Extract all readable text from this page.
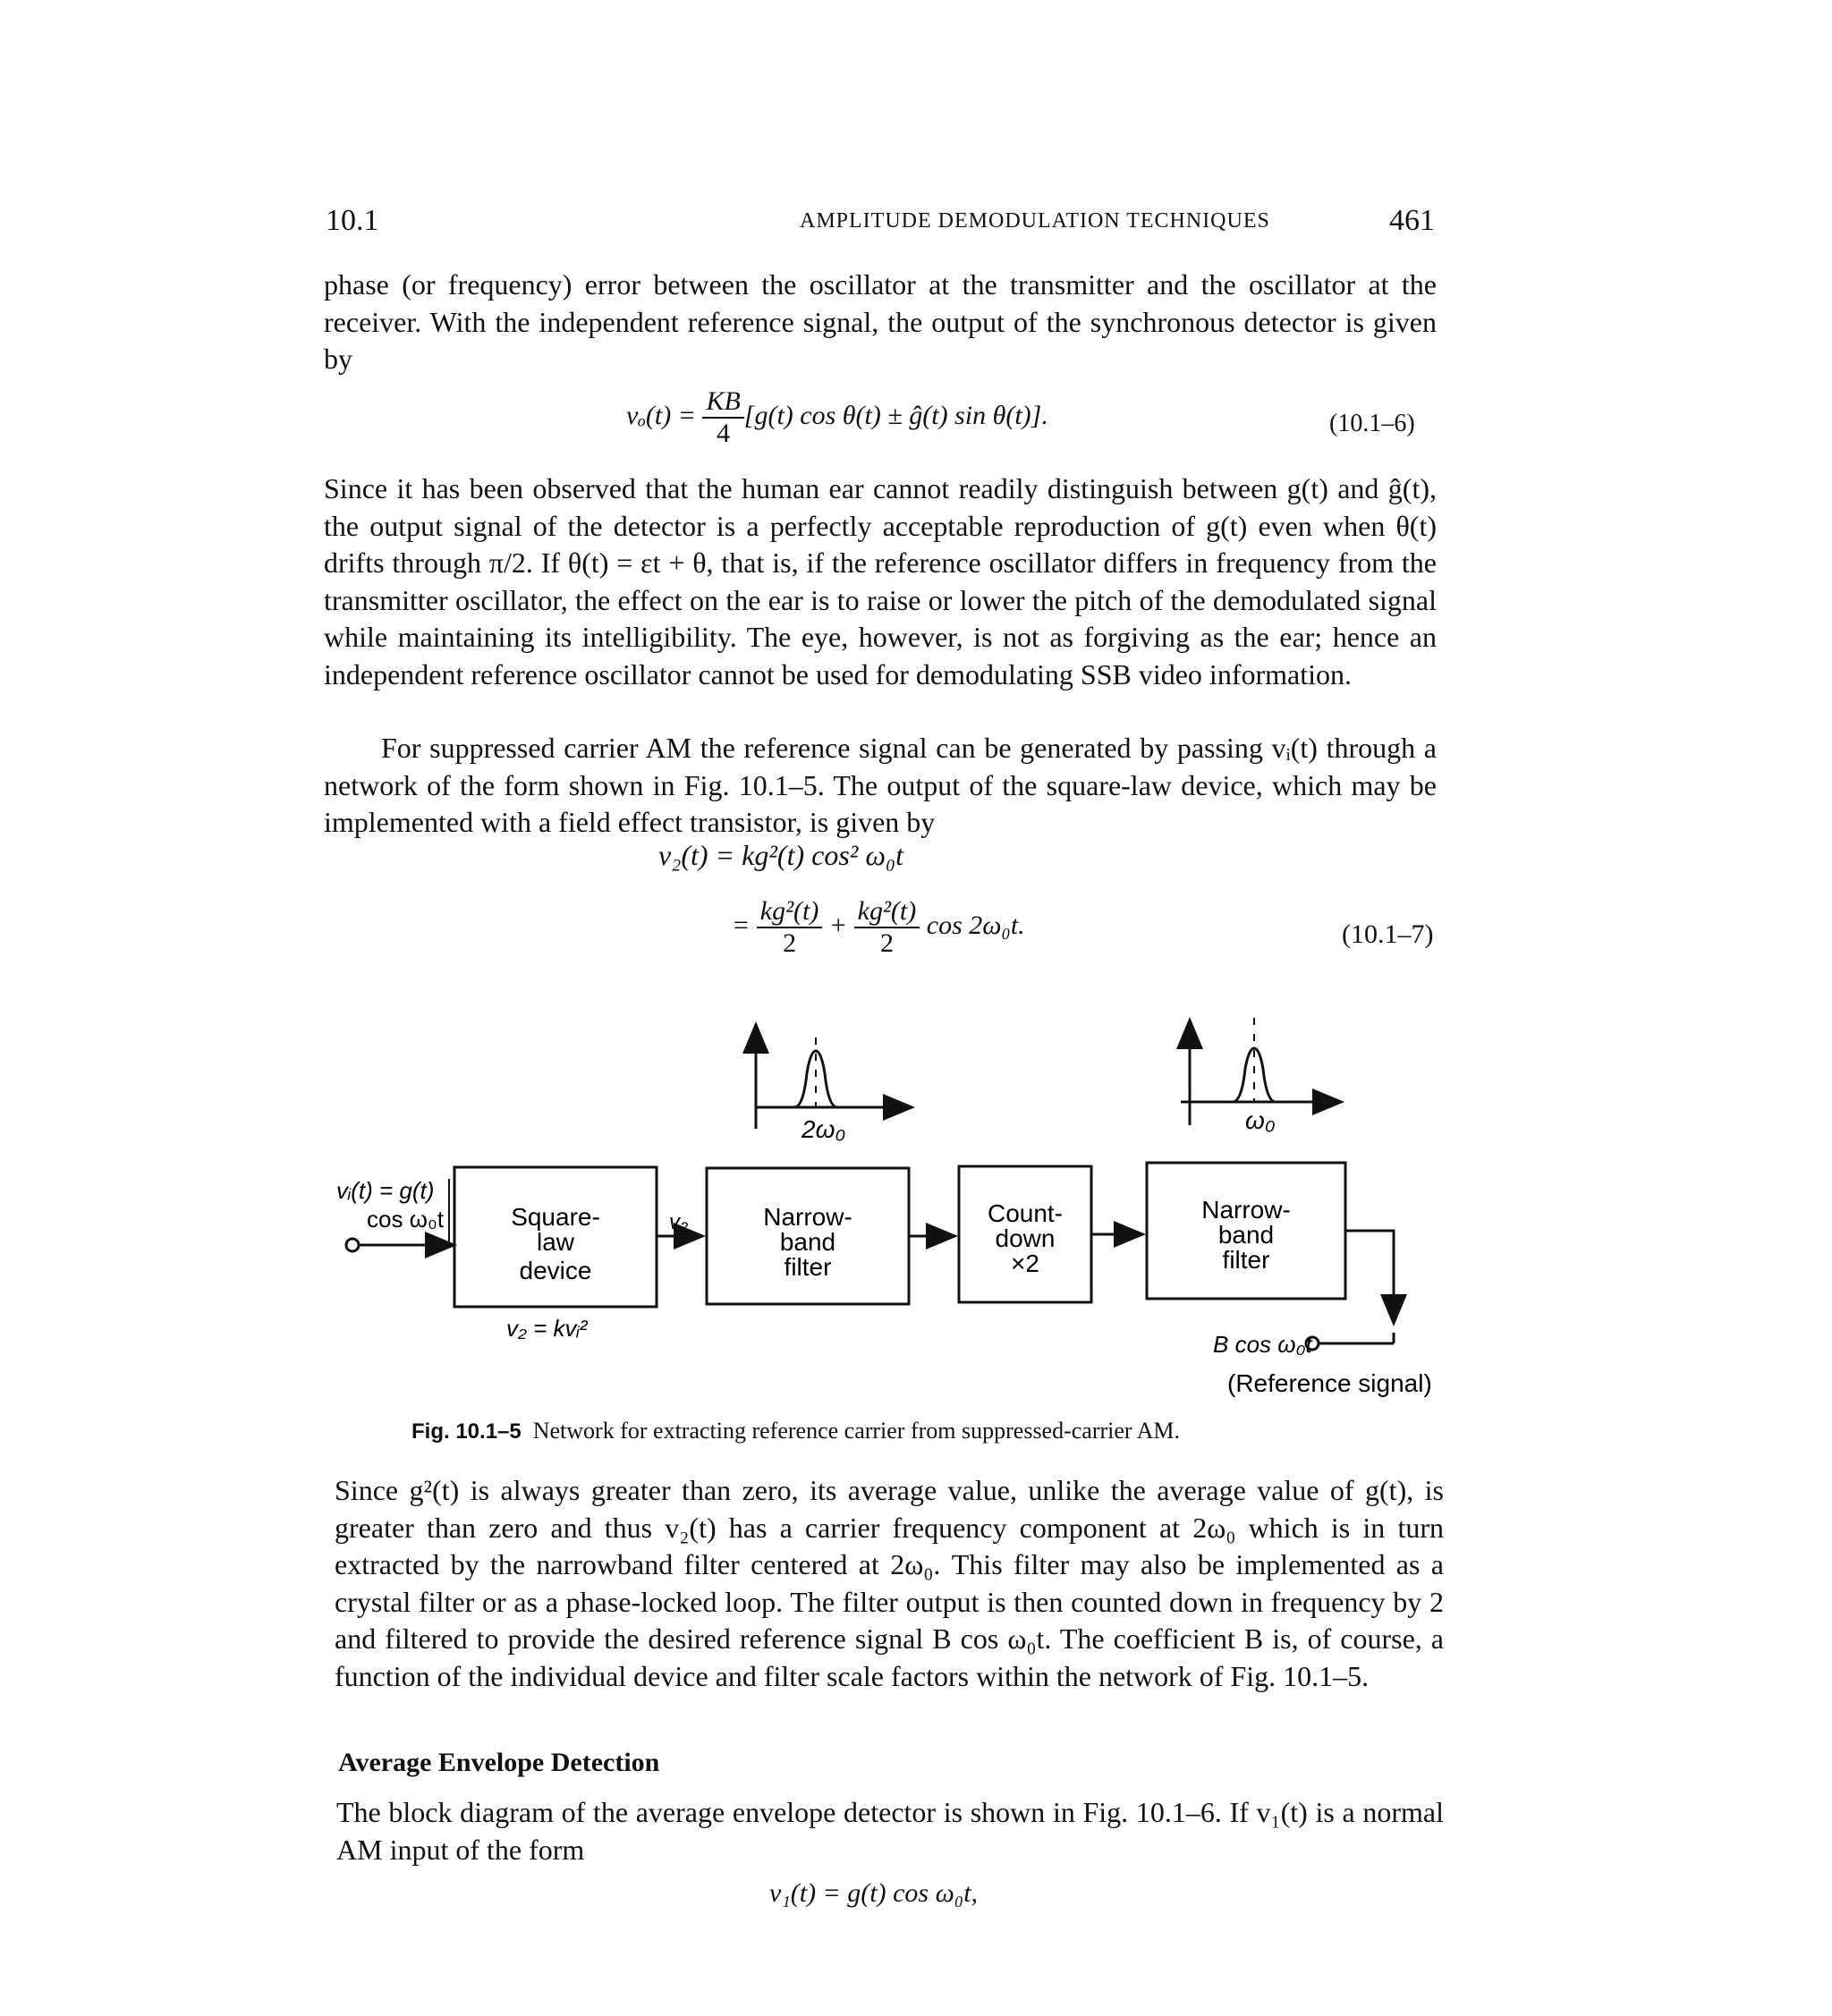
10.1	AMPLITUDE DEMODULATION TECHNIQUES	461
phase (or frequency) error between the oscillator at the transmitter and the oscillator at the receiver. With the independent reference signal, the output of the synchronous detector is given by
$v_o(t) = \frac{KB}{4} [g(t)$ cos θ(t) ± ĝ(t) sin θ(t)].	(10.1–6)
Since it has been observed that the human ear cannot readily distinguish between g(t) and ĝ(t), the output signal of the detector is a perfectly acceptable reproduction of g(t) even when θ(t) drifts through π/2. If θ(t) = εt + θ, that is, if the reference oscillator differs in frequency from the transmitter oscillator, the effect on the ear is to raise or lower the pitch of the demodulated signal while maintaining its intelligibility. The eye, however, is not as forgiving as the ear; hence an independent reference oscillator cannot be used for demodulating SSB video information.
For suppressed carrier AM the reference signal can be generated by passing vᵢ(t) through a network of the form shown in Fig. 10.1–5. The output of the square-law device, which may be implemented with a field effect transistor, is given by
v₂(t) = kg²(t) cos² ω₀t
= $\frac{\text{kg²(t)}}{2} + \frac{\text{kg²(t)}}{2}$ cos 2ω₀t.	(10.1–7)
2ω₀	ω₀
vᵢ(t) = g(t)
cos ω₀t	Square-
law
device
v₂ = kvᵢ²
v₂	Narrow-
band
filter
Count-
down
×2
Narrow-
band
filter
B cos ω₀t
(Reference signal)
Fig. 10.1–5 Network for extracting reference carrier from suppressed-carrier AM.
Since g²(t) is always greater than zero, its average value, unlike the average value of g(t), is greater than zero and thus v₂(t) has a carrier frequency component at 2ω₀ which is in turn extracted by the narrowband filter centered at 2ω₀. This filter may also be implemented as a crystal filter or as a phase-locked loop. The filter output is then counted down in frequency by 2 and filtered to provide the desired reference signal B cos ω₀t. The coefficient B is, of course, a function of the individual device and filter scale factors within the network of Fig. 10.1–5.
Average Envelope Detection
The block diagram of the average envelope detector is shown in Fig. 10.1–6. If v₁(t) is a normal AM input of the form
v₁(t) = g(t) cos ω₀t,
